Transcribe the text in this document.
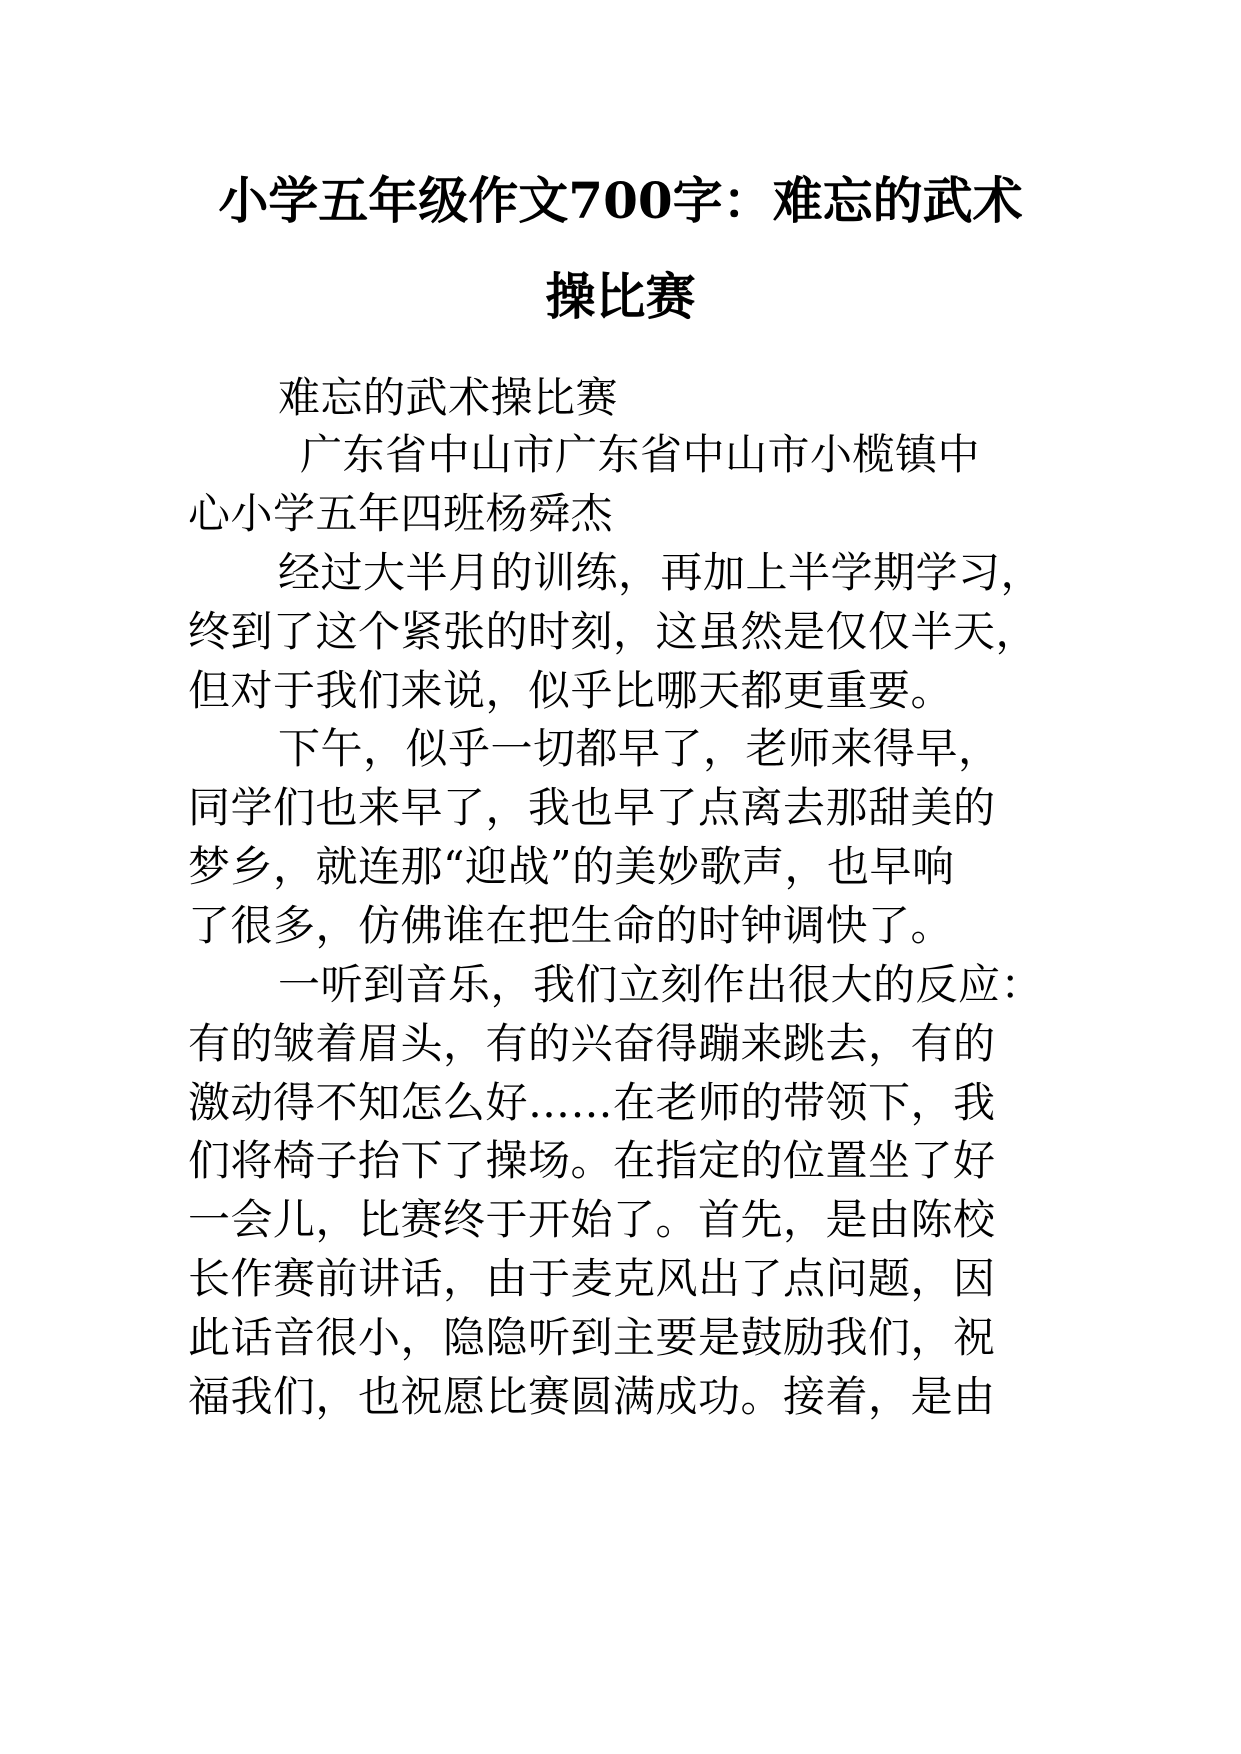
小学五年级作文700字：难忘的武术
操比赛
难忘的武术操比赛
广东省中山市广东省中山市小榄镇中
心小学五年四班杨舜杰
经过大半月的训练，再加上半学期学习，
终到了这个紧张的时刻，这虽然是仅仅半天，
但对于我们来说，似乎比哪天都更重要。
下午，似乎一切都早了，老师来得早，
同学们也来早了，我也早了点离去那甜美的
梦乡，就连那“迎战”的美妙歌声，也早响
了很多，仿佛谁在把生命的时钟调快了。
一听到音乐，我们立刻作出很大的反应：
有的皱着眉头，有的兴奋得蹦来跳去，有的
激动得不知怎么好……在老师的带领下，我
们将椅子抬下了操场。在指定的位置坐了好
一会儿，比赛终于开始了。首先，是由陈校
长作赛前讲话，由于麦克风出了点问题，因
此话音很小，隐隐听到主要是鼓励我们，祝
福我们，也祝愿比赛圆满成功。接着，是由
